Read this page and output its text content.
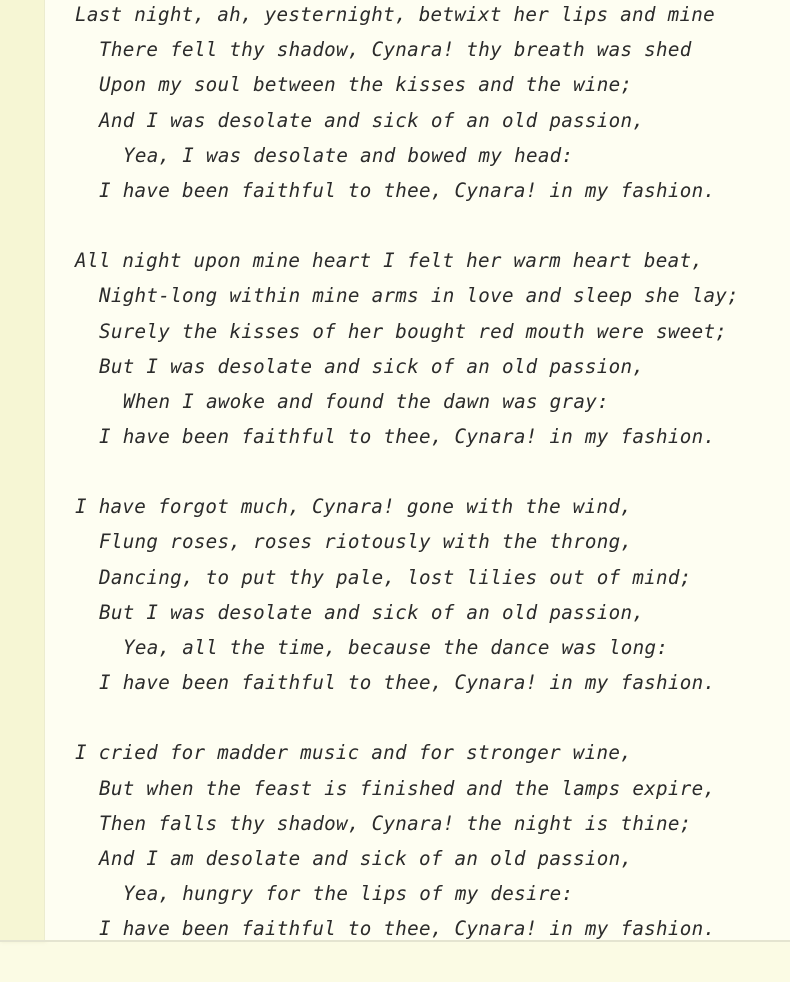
Last night, ah, yesternight, betwixt her lips and mine
There fell thy shadow, Cynara! thy breath was shed
Upon my soul between the kisses and the wine;
And I was desolate and sick of an old passion,
Yea, I was desolate and bowed my head:
I have been faithful to thee, Cynara! in my fashion.
All night upon mine heart I felt her warm heart beat,
Night-long within mine arms in love and sleep she lay;
Surely the kisses of her bought red mouth were sweet;
But I was desolate and sick of an old passion,
When I awoke and found the dawn was gray:
I have been faithful to thee, Cynara! in my fashion.
I have forgot much, Cynara! gone with the wind,
Flung roses, roses riotously with the throng,
Dancing, to put thy pale, lost lilies out of mind;
But I was desolate and sick of an old passion,
Yea, all the time, because the dance was long:
I have been faithful to thee, Cynara! in my fashion.
I cried for madder music and for stronger wine,
But when the feast is finished and the lamps expire,
Then falls thy shadow, Cynara! the night is thine;
And I am desolate and sick of an old passion,
Yea, hungry for the lips of my desire:
I have been faithful to thee, Cynara! in my fashion.
